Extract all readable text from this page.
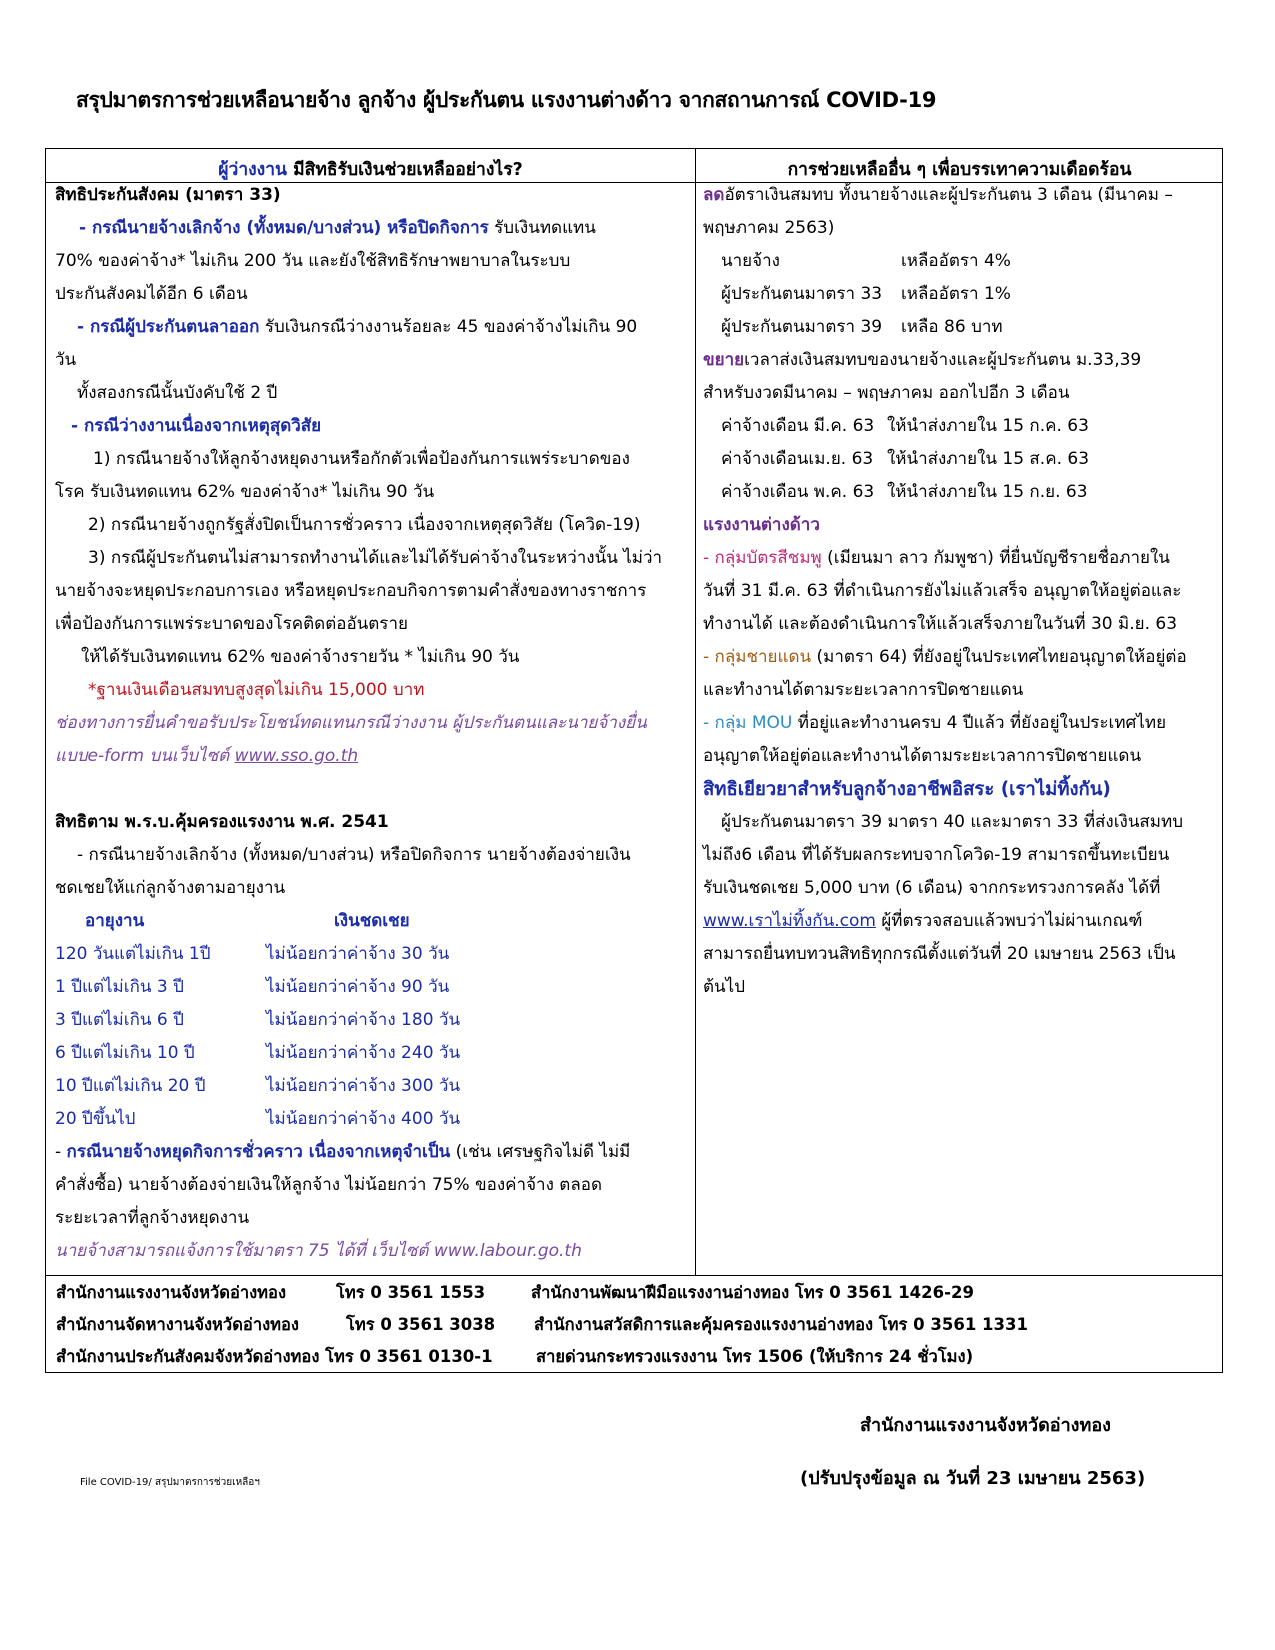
สรุปมาตรการช่วยเหลือนายจ้าง ลูกจ้าง ผู้ประกันตน แรงงานต่างด้าว จากสถานการณ์ COVID-19
ผู้ว่างงาน มีสิทธิรับเงินช่วยเหลืออย่างไร?	การช่วยเหลืออื่น ๆ เพื่อบรรเทาความเดือดร้อน
สิทธิประกันสังคม (มาตรา 33)
- กรณีนายจ้างเลิกจ้าง (ทั้งหมด/บางส่วน) หรือปิดกิจการ รับเงินทดแทน
70% ของค่าจ้าง* ไม่เกิน 200 วัน และยังใช้สิทธิรักษาพยาบาลในระบบ
ประกันสังคมได้อีก 6 เดือน
- กรณีผู้ประกันตนลาออก รับเงินกรณีว่างงานร้อยละ 45 ของค่าจ้างไม่เกิน 90
วัน
ทั้งสองกรณีนั้นบังคับใช้ 2 ปี
- กรณีว่างงานเนื่องจากเหตุสุดวิสัย
1) กรณีนายจ้างให้ลูกจ้างหยุดงานหรือกักตัวเพื่อป้องกันการแพร่ระบาดของ
โรค รับเงินทดแทน 62% ของค่าจ้าง* ไม่เกิน 90 วัน
2) กรณีนายจ้างถูกรัฐสั่งปิดเป็นการชั่วคราว เนื่องจากเหตุสุดวิสัย (โควิด-19)
3) กรณีผู้ประกันตนไม่สามารถทำงานได้และไม่ได้รับค่าจ้างในระหว่างนั้น ไม่ว่า
นายจ้างจะหยุดประกอบการเอง หรือหยุดประกอบกิจการตามคำสั่งของทางราชการ
เพื่อป้องกันการแพร่ระบาดของโรคติดต่ออันตราย
ให้ได้รับเงินทดแทน 62% ของค่าจ้างรายวัน * ไม่เกิน 90 วัน
*ฐานเงินเดือนสมทบสูงสุดไม่เกิน 15,000 บาท
ช่องทางการยื่นคำขอรับประโยชน์ทดแทนกรณีว่างงาน ผู้ประกันตนและนายจ้างยื่น
แบบe-form บนเว็บไซต์ www.sso.go.th
สิทธิตาม พ.ร.บ.คุ้มครองแรงงาน พ.ศ. 2541
- กรณีนายจ้างเลิกจ้าง (ทั้งหมด/บางส่วน) หรือปิดกิจการ นายจ้างต้องจ่ายเงิน
ชดเชยให้แก่ลูกจ้างตามอายุงาน
อายุงาน	เงินชดเชย
120 วันแต่ไม่เกิน 1ปี	ไม่น้อยกว่าค่าจ้าง 30 วัน
1 ปีแต่ไม่เกิน 3 ปี	ไม่น้อยกว่าค่าจ้าง 90 วัน
3 ปีแต่ไม่เกิน 6 ปี	ไม่น้อยกว่าค่าจ้าง 180 วัน
6 ปีแต่ไม่เกิน 10 ปี	ไม่น้อยกว่าค่าจ้าง 240 วัน
10 ปีแต่ไม่เกิน 20 ปี	ไม่น้อยกว่าค่าจ้าง 300 วัน
20 ปีขึ้นไป	ไม่น้อยกว่าค่าจ้าง 400 วัน
- กรณีนายจ้างหยุดกิจการชั่วคราว เนื่องจากเหตุจำเป็น (เช่น เศรษฐกิจไม่ดี ไม่มี
คำสั่งซื้อ) นายจ้างต้องจ่ายเงินให้ลูกจ้าง ไม่น้อยกว่า 75% ของค่าจ้าง ตลอด
ระยะเวลาที่ลูกจ้างหยุดงาน
นายจ้างสามารถแจ้งการใช้มาตรา 75 ได้ที่ เว็บไซต์ www.labour.go.th
ลดอัตราเงินสมทบ ทั้งนายจ้างและผู้ประกันตน 3 เดือน (มีนาคม –
พฤษภาคม 2563)
นายจ้าง	เหลืออัตรา 4%
ผู้ประกันตนมาตรา 33	เหลืออัตรา 1%
ผู้ประกันตนมาตรา 39	เหลือ 86 บาท
ขยายเวลาส่งเงินสมทบของนายจ้างและผู้ประกันตน ม.33,39
สำหรับงวดมีนาคม – พฤษภาคม ออกไปอีก 3 เดือน
ค่าจ้างเดือน มี.ค. 63 ให้นำส่งภายใน 15 ก.ค. 63
ค่าจ้างเดือนเม.ย. 63 ให้นำส่งภายใน 15 ส.ค. 63
ค่าจ้างเดือน พ.ค. 63 ให้นำส่งภายใน 15 ก.ย. 63
แรงงานต่างด้าว
- กลุ่มบัตรสีชมพู (เมียนมา ลาว กัมพูชา) ที่ยื่นบัญชีรายชื่อภายใน
วันที่ 31 มี.ค. 63 ที่ดำเนินการยังไม่แล้วเสร็จ อนุญาตให้อยู่ต่อและ
ทำงานได้ และต้องดำเนินการให้แล้วเสร็จภายในวันที่ 30 มิ.ย. 63
- กลุ่มชายแดน (มาตรา 64) ที่ยังอยู่ในประเทศไทยอนุญาตให้อยู่ต่อ
และทำงานได้ตามระยะเวลาการปิดชายแดน
- กลุ่ม MOU ที่อยู่และทำงานครบ 4 ปีแล้ว ที่ยังอยู่ในประเทศไทย
อนุญาตให้อยู่ต่อและทำงานได้ตามระยะเวลาการปิดชายแดน
สิทธิเยียวยาสำหรับลูกจ้างอาชีพอิสระ (เราไม่ทิ้งกัน)
ผู้ประกันตนมาตรา 39 มาตรา 40 และมาตรา 33 ที่ส่งเงินสมทบ
ไม่ถึง6 เดือน ที่ได้รับผลกระทบจากโควิด-19 สามารถขึ้นทะเบียน
รับเงินชดเชย 5,000 บาท (6 เดือน) จากกระทรวงการคลัง ได้ที่
www.เราไม่ทิ้งกัน.com ผู้ที่ตรวจสอบแล้วพบว่าไม่ผ่านเกณฑ์
สามารถยื่นทบทวนสิทธิทุกกรณีตั้งแต่วันที่ 20 เมษายน 2563 เป็น
ต้นไป
สำนักงานแรงงานจังหวัดอ่างทอง	โทร 0 3561 1553	สำนักงานพัฒนาฝีมือแรงงานอ่างทอง โทร 0 3561 1426-29
สำนักงานจัดหางานจังหวัดอ่างทอง	โทร 0 3561 3038 สำนักงานสวัสดิการและคุ้มครองแรงงานอ่างทอง โทร 0 3561 1331
สำนักงานประกันสังคมจังหวัดอ่างทอง โทร 0 3561 0130-1	สายด่วนกระทรวงแรงงาน โทร 1506 (ให้บริการ 24 ชั่วโมง)
สำนักงานแรงงานจังหวัดอ่างทอง
(ปรับปรุงข้อมูล ณ วันที่ 23 เมษายน 2563)
File COVID-19/ สรุปมาตรการช่วยเหลือฯ
